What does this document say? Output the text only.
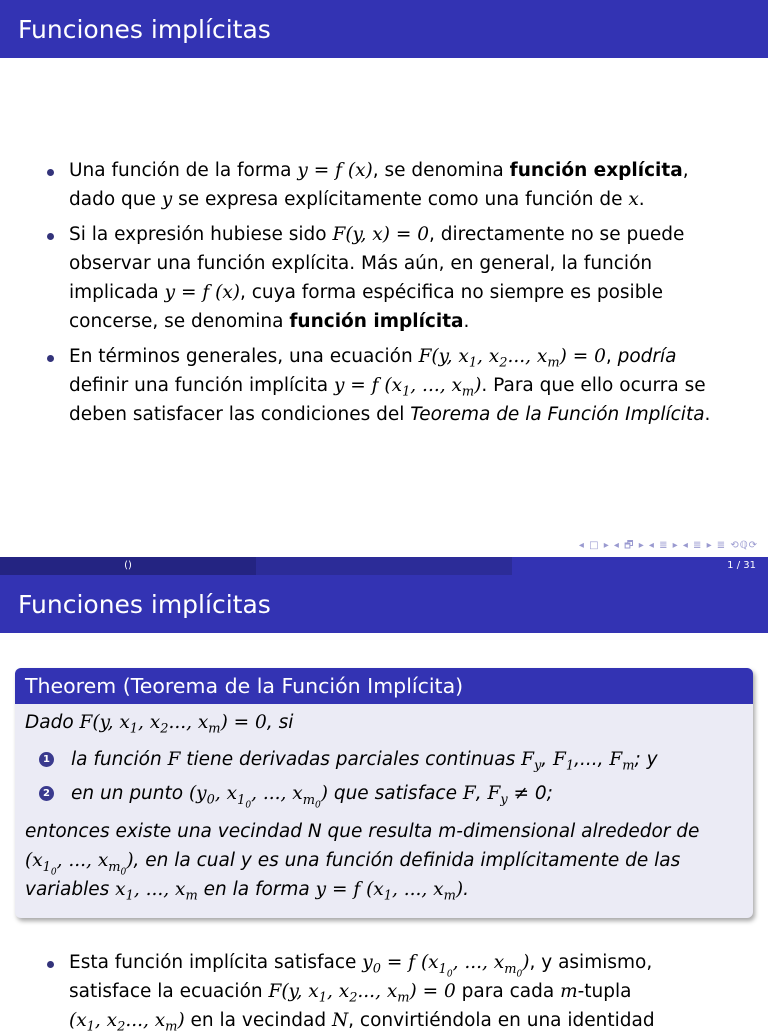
Funciones implícitas
Una función de la forma y = f (x), se denomina función explícita,
dado que y se expresa explícitamente como una función de x.
Si la expresión hubiese sido F(y, x) = 0, directamente no se puede
observar una función explícita. Más aún, en general, la función
implicada y = f (x), cuya forma espécifica no siempre es posible
concerse, se denomina función implícita.
En términos generales, una ecuación F(y, $x_1$, $x_2$..., $x_m) = 0$, podría
definir una función implícita y = f ($x_1$, ..., $x_m$). Para que ello ocurra se
deben satisfacer las condiciones del Teorema de la Función Implícita.
◂ □ ▸ ◂ 🗗 ▸ ◂ ≣ ▸ ◂ ≣ ▸ ≣ ⟲ℚ⟳
()	1 / 31
Funciones implícitas
Theorem (Teorema de la Función Implícita)
Dado F(y, $x_1$, $x_2$..., $x_m) = 0$, si
1 la función F tiene derivadas parciales continuas $F_y$, $F_1$,..., $F_m$; y
2 en un punto ($y_0$, $x_{1_0}$, ..., $x_{m_0}$) que satisface F, $F_y \ne 0$;
entonces existe una vecindad N que resulta m-dimensional alrededor de
($x_{1_0}$, ..., $x_{m_0}$), en la cual y es una función definida implícitamente de las
variables $x_1$, ..., $x_m$ en la forma y = f ($x_1$, ..., $x_m$).
Esta función implícita satisface $y_0 = f$ ($x_{1_0}$, ..., $x_{m_0}$), y asimismo,
satisface la ecuación F(y, $x_1$, $x_2$..., $x_m) = 0$ para cada m-tupla
($x_1$, $x_2$..., $x_m$) en la vecindad N, convirtiéndola en una identidad
